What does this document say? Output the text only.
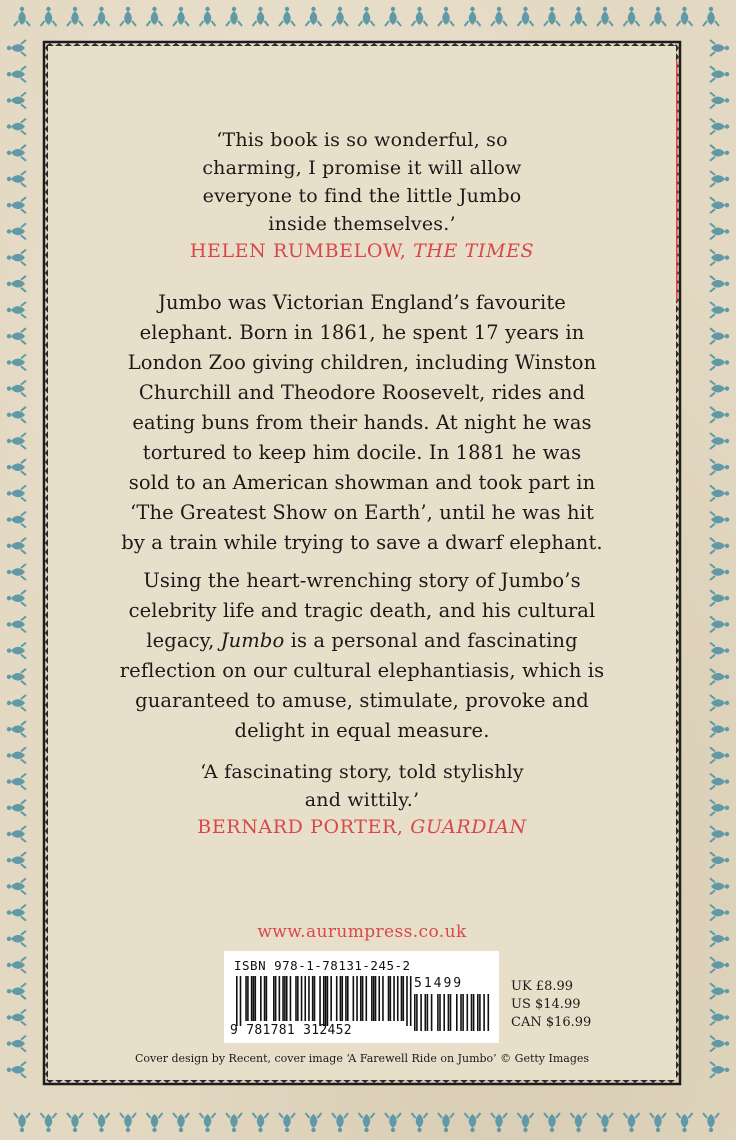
‘This book is so wonderful, so
charming, I promise it will allow
everyone to find the little Jumbo
inside themselves.’
HELEN RUMBELOW, THE TIMES
Jumbo was Victorian England’s favourite
elephant. Born in 1861, he spent 17 years in
London Zoo giving children, including Winston
Churchill and Theodore Roosevelt, rides and
eating buns from their hands. At night he was
tortured to keep him docile. In 1881 he was
sold to an American showman and took part in
‘The Greatest Show on Earth’, until he was hit
by a train while trying to save a dwarf elephant.
Using the heart-wrenching story of Jumbo’s
celebrity life and tragic death, and his cultural
legacy, Jumbo is a personal and fascinating
reflection on our cultural elephantiasis, which is
guaranteed to amuse, stimulate, provoke and
delight in equal measure.
‘A fascinating story, told stylishly
and wittily.’
BERNARD PORTER, GUARDIAN
www.aurumpress.co.uk
ISBN 978-1-78131-245-2
51499
9 781781 312452
UK £8.99
US $14.99
CAN $16.99
Cover design by Recent, cover image ‘A Farewell Ride on Jumbo’ © Getty Images
